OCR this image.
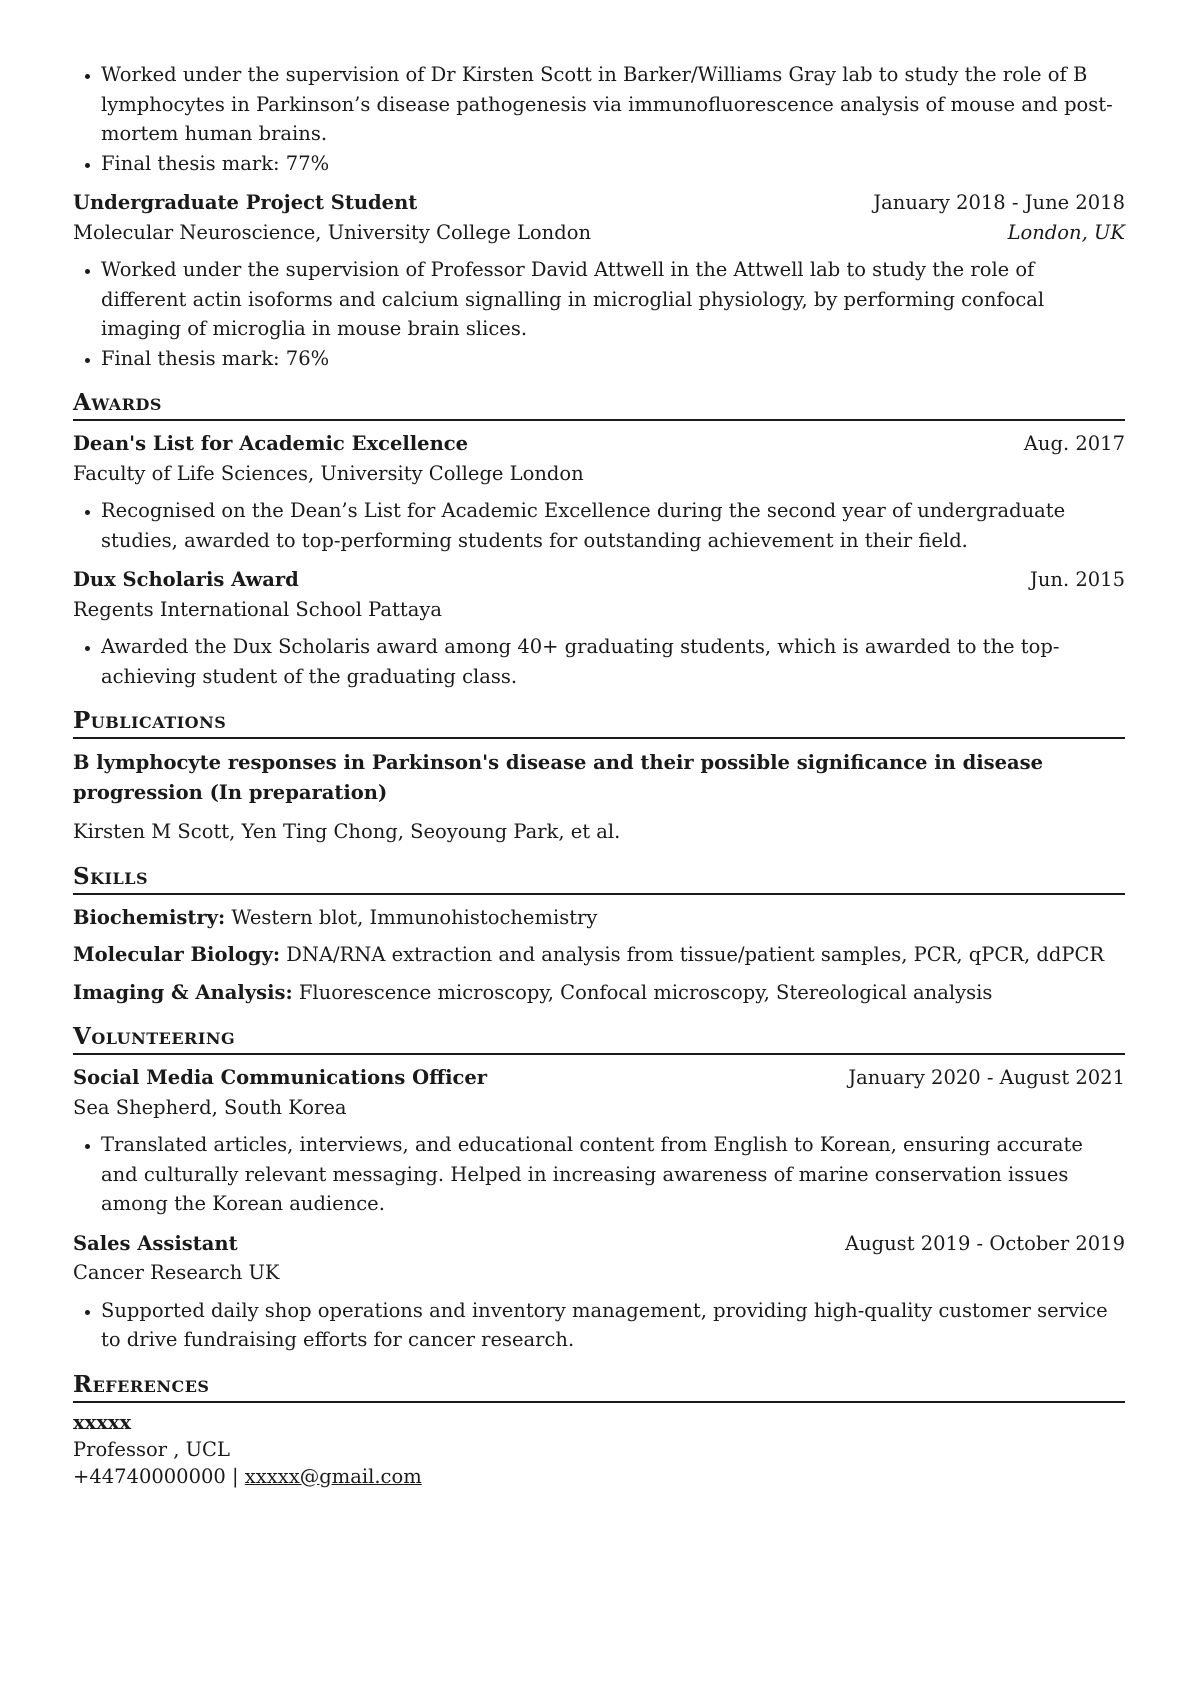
• Worked under the supervision of Dr Kirsten Scott in Barker/Williams Gray lab to study the role of B lymphocytes in Parkinson’s disease pathogenesis via immunofluorescence analysis of mouse and post-mortem human brains.
• Final thesis mark: 77%
Undergraduate Project Student	January 2018 - June 2018
Molecular Neuroscience, University College London	London, UK
• Worked under the supervision of Professor David Attwell in the Attwell lab to study the role of different actin isoforms and calcium signalling in microglial physiology, by performing confocal imaging of microglia in mouse brain slices.
• Final thesis mark: 76%
Awards
Dean's List for Academic Excellence	Aug. 2017
Faculty of Life Sciences, University College London
• Recognised on the Dean’s List for Academic Excellence during the second year of undergraduate studies, awarded to top-performing students for outstanding achievement in their field.
Dux Scholaris Award	Jun. 2015
Regents International School Pattaya
• Awarded the Dux Scholaris award among 40+ graduating students, which is awarded to the top-achieving student of the graduating class.
Publications
B lymphocyte responses in Parkinson's disease and their possible significance in disease progression (In preparation)
Kirsten M Scott, Yen Ting Chong, Seoyoung Park, et al.
Skills
Biochemistry: Western blot, Immunohistochemistry
Molecular Biology: DNA/RNA extraction and analysis from tissue/patient samples, PCR, qPCR, ddPCR
Imaging & Analysis: Fluorescence microscopy, Confocal microscopy, Stereological analysis
Volunteering
Social Media Communications Officer	January 2020 - August 2021
Sea Shepherd, South Korea
• Translated articles, interviews, and educational content from English to Korean, ensuring accurate and culturally relevant messaging. Helped in increasing awareness of marine conservation issues among the Korean audience.
Sales Assistant	August 2019 - October 2019
Cancer Research UK
• Supported daily shop operations and inventory management, providing high-quality customer service to drive fundraising efforts for cancer research.
References
xxxxx
Professor , UCL
+44740000000 | xxxxx@gmail.com
